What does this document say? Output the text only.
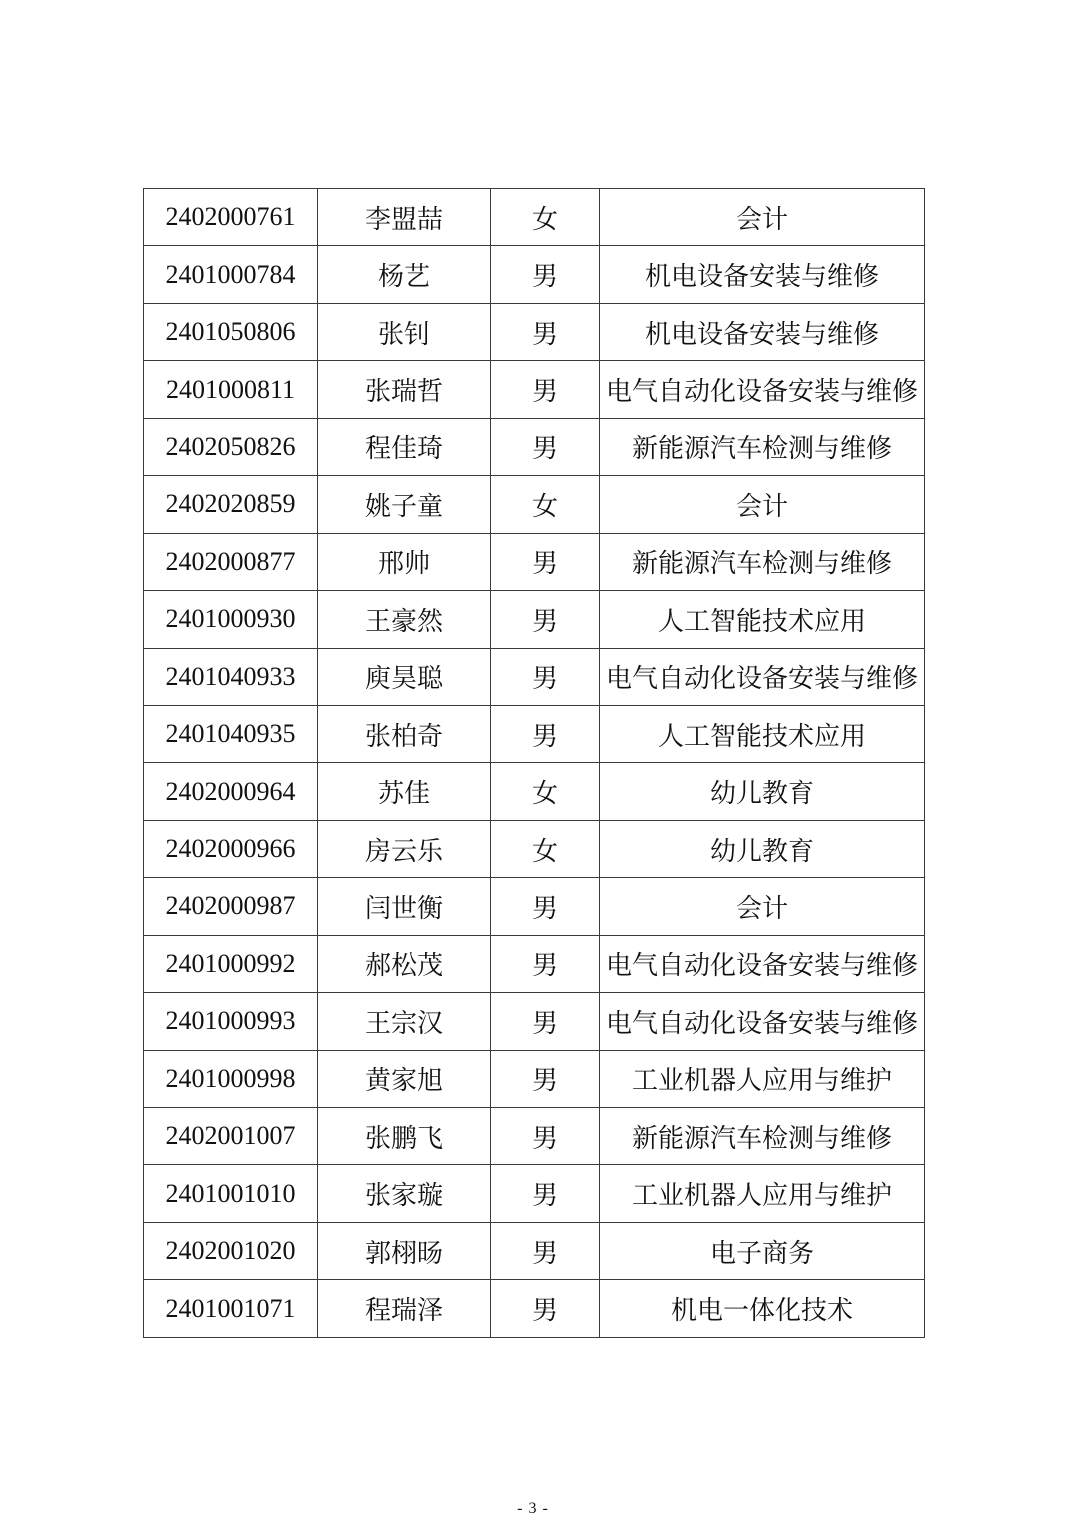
2402000761	李盟喆	女	会计
2401000784	杨艺	男	机电设备安装与维修
2401050806	张钊	男	机电设备安装与维修
2401000811	张瑞哲	男	电气自动化设备安装与维修
2402050826	程佳琦	男	新能源汽车检测与维修
2402020859	姚子童	女	会计
2402000877	邢帅	男	新能源汽车检测与维修
2401000930	王豪然	男	人工智能技术应用
2401040933	庾昊聪	男	电气自动化设备安装与维修
2401040935	张柏奇	男	人工智能技术应用
2402000964	苏佳	女	幼儿教育
2402000966	房云乐	女	幼儿教育
2402000987	闫世衡	男	会计
2401000992	郝松茂	男	电气自动化设备安装与维修
2401000993	王宗汉	男	电气自动化设备安装与维修
2401000998	黄家旭	男	工业机器人应用与维护
2402001007	张鹏飞	男	新能源汽车检测与维修
2401001010	张家璇	男	工业机器人应用与维护
2402001020	郭栩旸	男	电子商务
2401001071	程瑞泽	男	机电一体化技术
- 3 -
